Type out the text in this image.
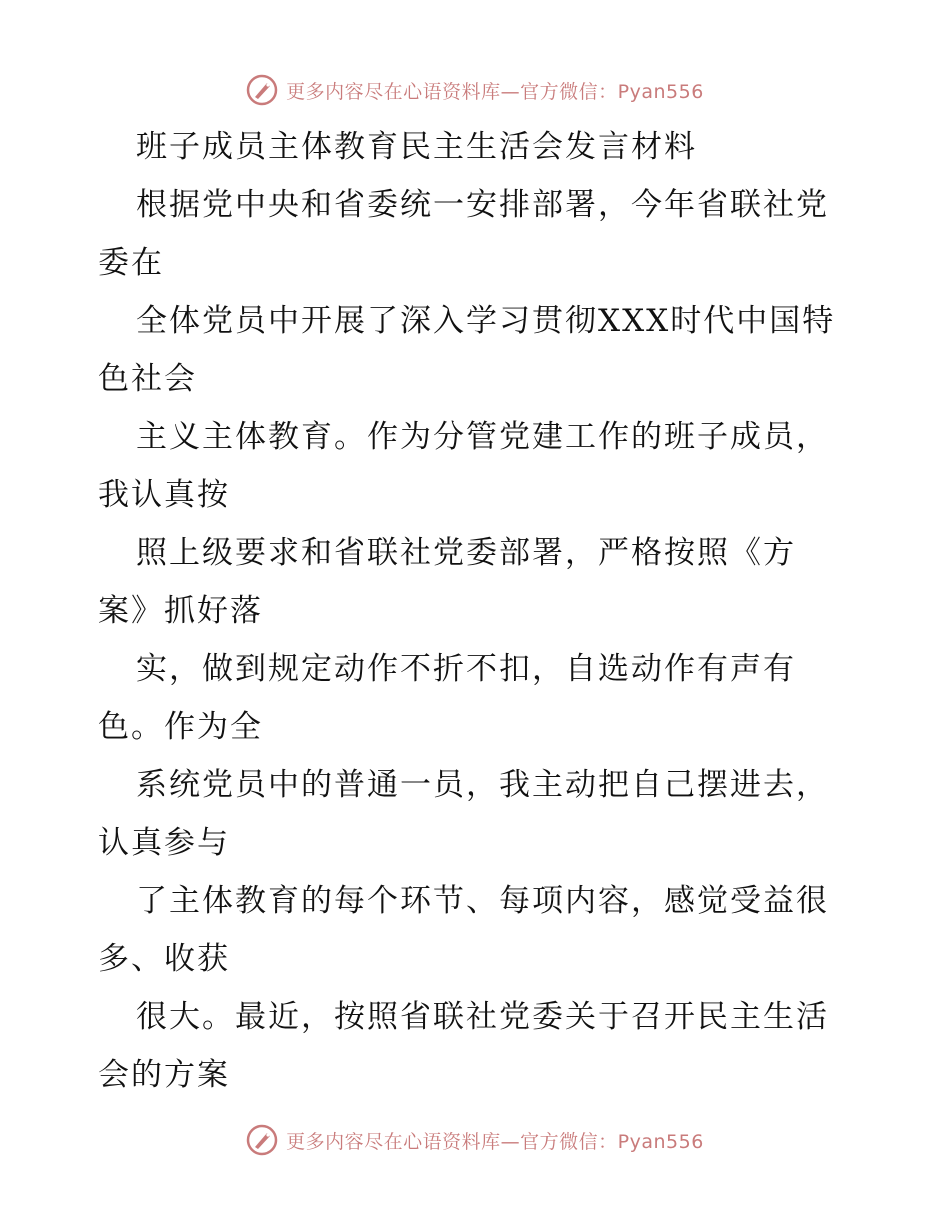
更多内容尽在心语资料库—官方微信：Pyan556
班子成员主体教育民主生活会发言材料
根据党中央和省委统一安排部署，今年省联社党
委在
全体党员中开展了深入学习贯彻XXX时代中国特
色社会
主义主体教育。作为分管党建工作的班子成员，
我认真按
照上级要求和省联社党委部署，严格按照《方
案》抓好落
实，做到规定动作不折不扣，自选动作有声有
色。作为全
系统党员中的普通一员，我主动把自己摆进去，
认真参与
了主体教育的每个环节、每项内容，感觉受益很
多、收获
很大。最近，按照省联社党委关于召开民主生活
会的方案
更多内容尽在心语资料库—官方微信：Pyan556
